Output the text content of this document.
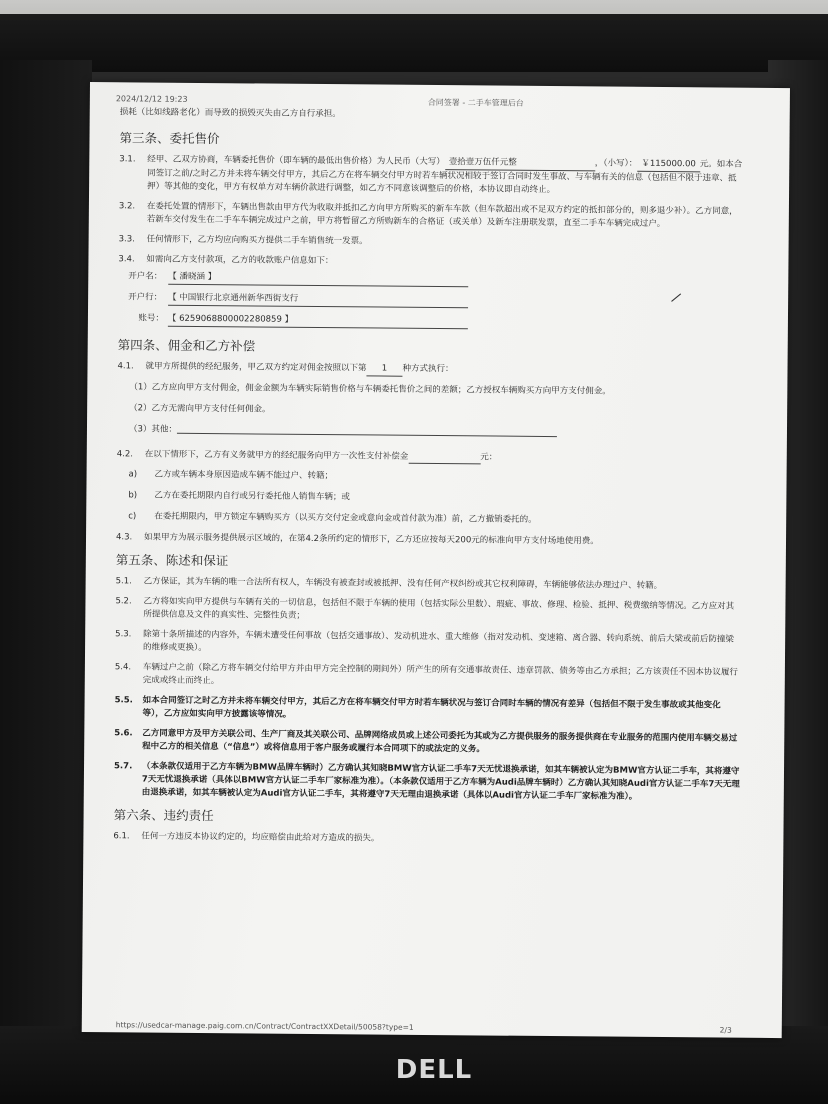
DELL
2024/12/12 19:23	合同签署 - 二手车管理后台
损耗（比如线路老化）而导致的损毁灭失由乙方自行承担。
第三条、委托售价
3.1.	经甲、乙双方协商，车辆委托售价（即车辆的最低出售价格）为人民币（大写） 壹拾壹万伍仟元整	，（小写）： ￥115000.00 元。如本合同签订之前/之时乙方并未将车辆交付甲方，其后乙方在将车辆交付甲方时若车辆状况相较于签订合同时发生事故、与车辆有关的信息（包括但不限于违章、抵押）等其他的变化，甲方有权单方对车辆价款进行调整，如乙方不同意该调整后的价格，本协议即自动终止。
3.2.	在委托处置的情形下，车辆出售款由甲方代为收取并抵扣乙方向甲方所购买的新车车款（但车款超出或不足双方约定的抵扣部分的，则多退少补）。乙方同意，若新车交付发生在二手车车辆完成过户之前，甲方将暂留乙方所购新车的合格证（或关单）及新车注册联发票，直至二手车车辆完成过户。
3.3.	任何情形下，乙方均应向购买方提供二手车销售统一发票。
3.4.	如需向乙方支付款项，乙方的收款账户信息如下：
开户名： 【 潘晓涵 】
开户行： 【 中国银行北京通州新华西街支行
账号： 【 6259068800002280859 】
第四条、佣金和乙方补偿
4.1.	就甲方所提供的经纪服务，甲乙双方约定对佣金按照以下第 1 种方式执行：
（1）乙方应向甲方支付佣金，佣金金额为车辆实际销售价格与车辆委托售价之间的差额；乙方授权车辆购买方向甲方支付佣金。
（2）乙方无需向甲方支付任何佣金。
（3）其他：
4.2.	在以下情形下，乙方有义务就甲方的经纪服务向甲方一次性支付补偿金	元：
a)	乙方或车辆本身原因造成车辆不能过户、转籍；
b)	乙方在委托期限内自行或另行委托他人销售车辆；或
c)	在委托期限内，甲方锁定车辆购买方（以买方交付定金或意向金或首付款为准）前，乙方撤销委托的。
4.3.	如果甲方为展示服务提供展示区域的，在第4.2条所约定的情形下，乙方还应按每天200元的标准向甲方支付场地使用费。
第五条、陈述和保证
5.1.	乙方保证，其为车辆的唯一合法所有权人，车辆没有被查封或被抵押、没有任何产权纠纷或其它权利障碍，车辆能够依法办理过户、转籍。
5.2.	乙方将如实向甲方提供与车辆有关的一切信息，包括但不限于车辆的使用（包括实际公里数）、瑕疵、事故、修理、检验、抵押、税费缴纳等情况。乙方应对其所提供信息及文件的真实性、完整性负责；
5.3.	除第十条所描述的内容外，车辆未遭受任何事故（包括交通事故）、发动机进水、重大维修（指对发动机、变速箱、离合器、转向系统、前后大梁或前后防撞梁的维修或更换）。
5.4.	车辆过户之前（除乙方将车辆交付给甲方并由甲方完全控制的期间外）所产生的所有交通事故责任、违章罚款、债务等由乙方承担；乙方该责任不因本协议履行完成或终止而终止。
5.5.	如本合同签订之时乙方并未将车辆交付甲方，其后乙方在将车辆交付甲方时若车辆状况与签订合同时车辆的情况有差异（包括但不限于发生事故或其他变化等），乙方应如实向甲方披露该等情况。
5.6.	乙方同意甲方及甲方关联公司、生产厂商及其关联公司、品牌网络成员或上述公司委托为其或为乙方提供服务的服务提供商在专业服务的范围内使用车辆交易过程中乙方的相关信息（“信息”）或将信息用于客户服务或履行本合同项下的或法定的义务。
5.7.	（本条款仅适用于乙方车辆为BMW品牌车辆时）乙方确认其知晓BMW官方认证二手车7天无忧退换承诺，如其车辆被认定为BMW官方认证二手车，其将遵守7天无忧退换承诺（具体以BMW官方认证二手车厂家标准为准）。（本条款仅适用于乙方车辆为Audi品牌车辆时）乙方确认其知晓Audi官方认证二手车7天无理由退换承诺，如其车辆被认定为Audi官方认证二手车，其将遵守7天无理由退换承诺（具体以Audi官方认证二手车厂家标准为准）。
第六条、违约责任
6.1.	任何一方违反本协议约定的，均应赔偿由此给对方造成的损失。
https://usedcar-manage.paig.com.cn/Contract/ContractXXDetail/50058?type=1	2/3
